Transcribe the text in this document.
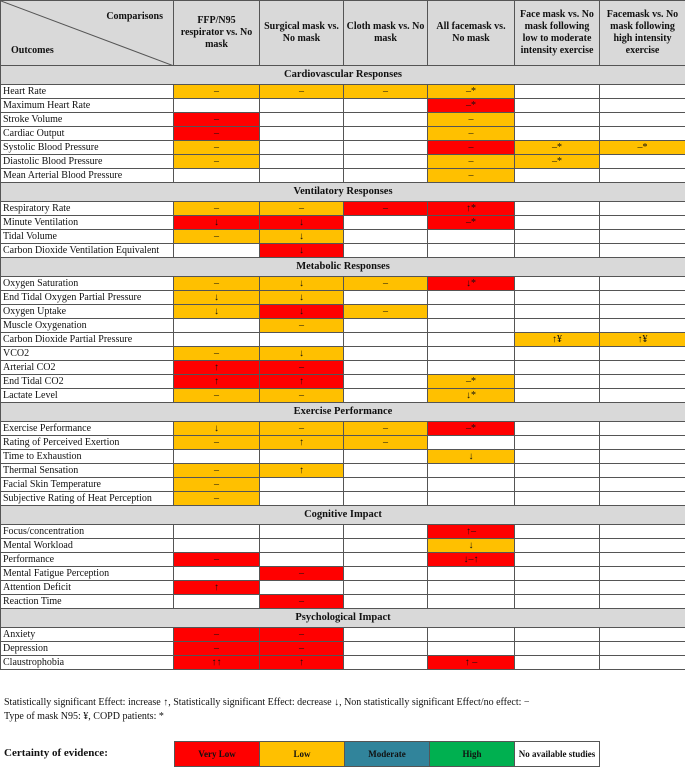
Comparisons
Outcomes	FFP/N95 respirator vs. No mask	Surgical mask vs. No mask	Cloth mask vs. No mask	All facemask vs. No mask	Face mask vs. No mask following low to moderate intensity exercise	Facemask vs. No mask following high intensity exercise
Cardiovascular Responses						
Heart Rate	–	–	–	–*		
Maximum Heart Rate				–*		
Stroke Volume	–			–		
Cardiac Output	–			–		
Systolic Blood Pressure	–			–	–*	–*
Diastolic Blood Pressure	–			–	–*	
Mean Arterial Blood Pressure				–		
Ventilatory Responses						
Respiratory Rate	–	–	–	↑*		
Minute Ventilation	↓	↓		–*		
Tidal Volume	–	↓				
Carbon Dioxide Ventilation Equivalent		↓				
Metabolic Responses						
Oxygen Saturation	–	↓	–	↓*		
End Tidal Oxygen Partial Pressure	↓	↓				
Oxygen Uptake	↓	↓	–			
Muscle Oxygenation		–				
Carbon Dioxide Partial Pressure					↑¥	↑¥
VCO2	–	↓				
Arterial CO2	↑	–				
End Tidal CO2	↑	↑		–*		
Lactate Level	–	–		↓*		
Exercise Performance						
Exercise Performance	↓	–	–	–*		
Rating of Perceived Exertion	–	↑	–			
Time to Exhaustion				↓		
Thermal Sensation	–	↑				
Facial Skin Temperature	–					
Subjective Rating of Heat Perception	–					
Cognitive Impact						
Focus/concentration				↑–		
Mental Workload				↓		
Performance	–			↓–↑		
Mental Fatigue Perception		–				
Attention Deficit	↑					
Reaction Time		–				
Psychological Impact						
Anxiety	–	–				
Depression	–	–				
Claustrophobia	↑↑	↑		↑ –		
Statistically significant Effect: increase ↑, Statistically significant Effect: decrease ↓, Non statistically significant Effect/no effect: −
Type of mask N95: ¥, COPD patients: *
Certainty of evidence:	Very Low	Low	Moderate	High	No available studies
